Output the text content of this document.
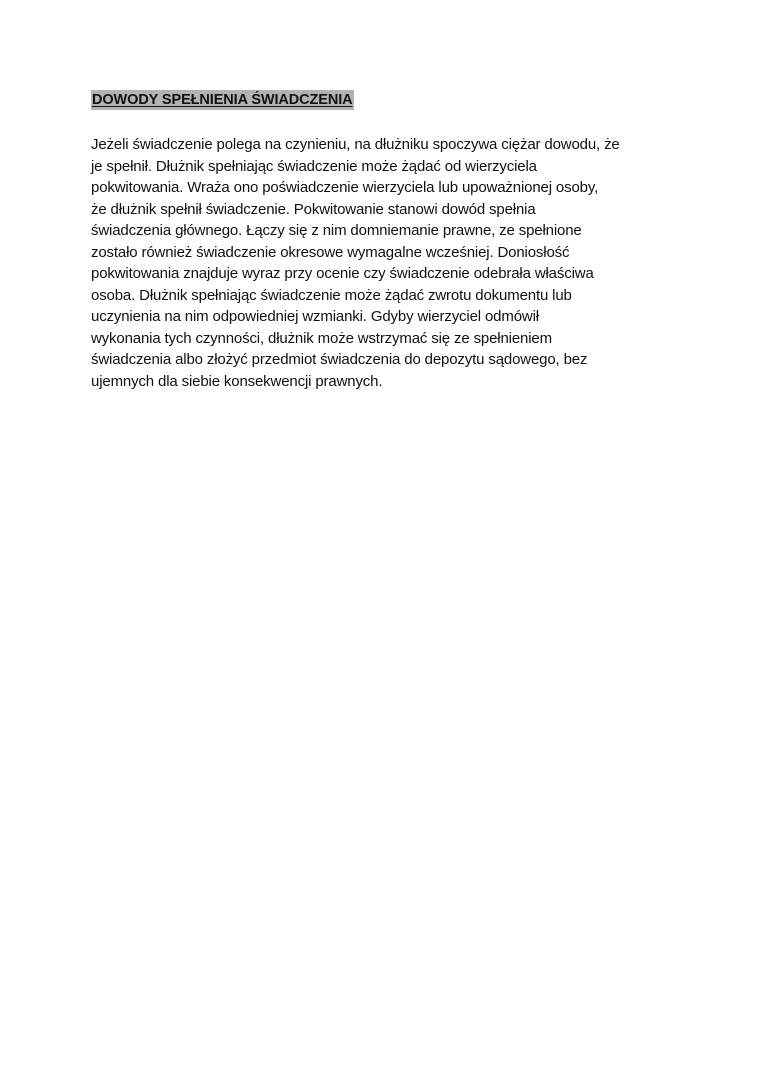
DOWODY SPEŁNIENIA ŚWIADCZENIA

Jeżeli świadczenie polega na czynieniu, na dłużniku spoczywa ciężar dowodu, że
je spełnił. Dłużnik spełniając świadczenie może żądać od wierzyciela
pokwitowania. Wraża ono poświadczenie wierzyciela lub upoważnionej osoby,
że dłużnik spełnił świadczenie. Pokwitowanie stanowi dowód spełnia
świadczenia głównego. Łączy się z nim domniemanie prawne, ze spełnione
zostało również świadczenie okresowe wymagalne wcześniej. Doniosłość
pokwitowania znajduje wyraz przy ocenie czy świadczenie odebrała właściwa
osoba. Dłużnik spełniając świadczenie może żądać zwrotu dokumentu lub
uczynienia na nim odpowiedniej wzmianki. Gdyby wierzyciel odmówił
wykonania tych czynności, dłużnik może wstrzymać się ze spełnieniem
świadczenia albo złożyć przedmiot świadczenia do depozytu sądowego, bez
ujemnych dla siebie konsekwencji prawnych.
